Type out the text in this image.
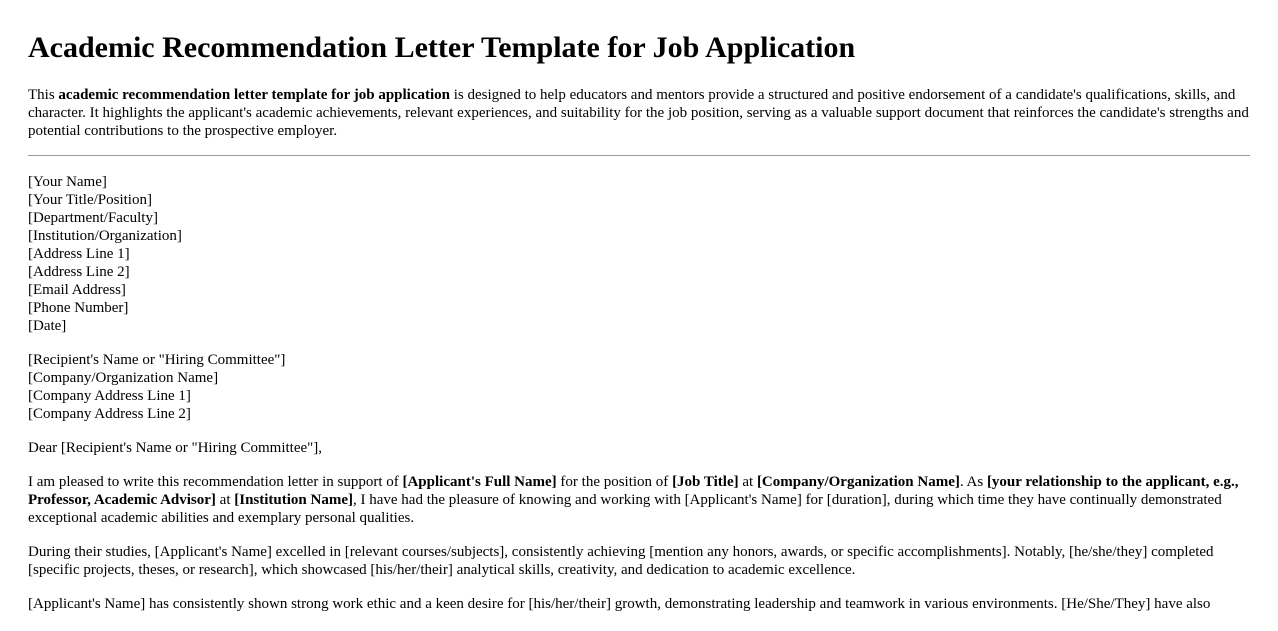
Academic Recommendation Letter Template for Job Application

This academic recommendation letter template for job application is designed to help educators and mentors provide a structured and positive endorsement of a candidate's qualifications, skills, and character. It highlights the applicant's academic achievements, relevant experiences, and suitability for the job position, serving as a valuable support document that reinforces the candidate's strengths and potential contributions to the prospective employer.

[Your Name]

[Your Title/Position]

[Department/Faculty]

[Institution/Organization]

[Address Line 1]

[Address Line 2]

[Email Address]

[Phone Number]

[Date]

[Recipient's Name or "Hiring Committee"]

[Company/Organization Name]

[Company Address Line 1]

[Company Address Line 2]

Dear [Recipient's Name or "Hiring Committee"],

I am pleased to write this recommendation letter in support of [Applicant's Full Name] for the position of [Job Title] at [Company/Organization Name]. As [your relationship to the applicant, e.g., Professor, Academic Advisor] at [Institution Name], I have had the pleasure of knowing and working with [Applicant's Name] for [duration], during which time they have continually demonstrated exceptional academic abilities and exemplary personal qualities.

During their studies, [Applicant's Name] excelled in [relevant courses/subjects], consistently achieving [mention any honors, awards, or specific accomplishments]. Notably, [he/she/they] completed [specific projects, theses, or research], which showcased [his/her/their] analytical skills, creativity, and dedication to academic excellence.

[Applicant's Name] has consistently shown strong work ethic and a keen desire for [his/her/their] growth, demonstrating leadership and teamwork in various environments. [He/She/They] have also
